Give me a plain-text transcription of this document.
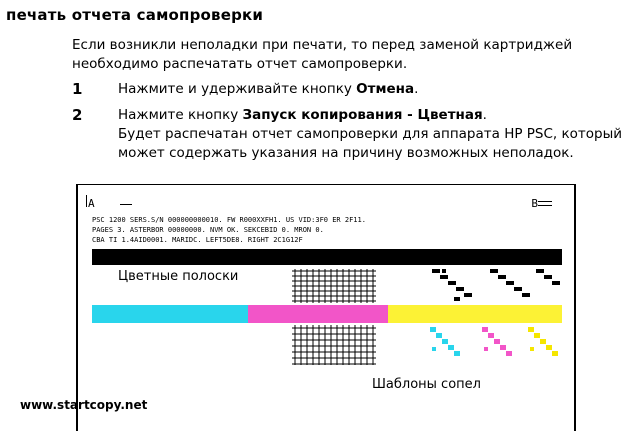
печать отчета самопроверки
Если возникли неполадки при печати, то перед заменой картриджей необходимо распечатать отчет самопроверки.
1	Нажмите и удерживайте кнопку Отмена.
2	Нажмите кнопку Запуск копирования - Цветная.
Будет распечатан отчет самопроверки для аппарата HP PSC, который может содержать указания на причину возможных неполадок.
A	B
PSC 1200 SERS.S/N 000000000010. FW R000XXFH1. US VID:3F0 ER 2F11.
PAGES 3. ASTERBOR 00000000. NVM OK. SEKCEBID 0. MRON 0.
CBA TI 1.4AID0001. MARIDC. LEFT5DE8. RIGHT 2C1G12F
Цветные полоски
Шаблоны сопел
www.startcopy.net
